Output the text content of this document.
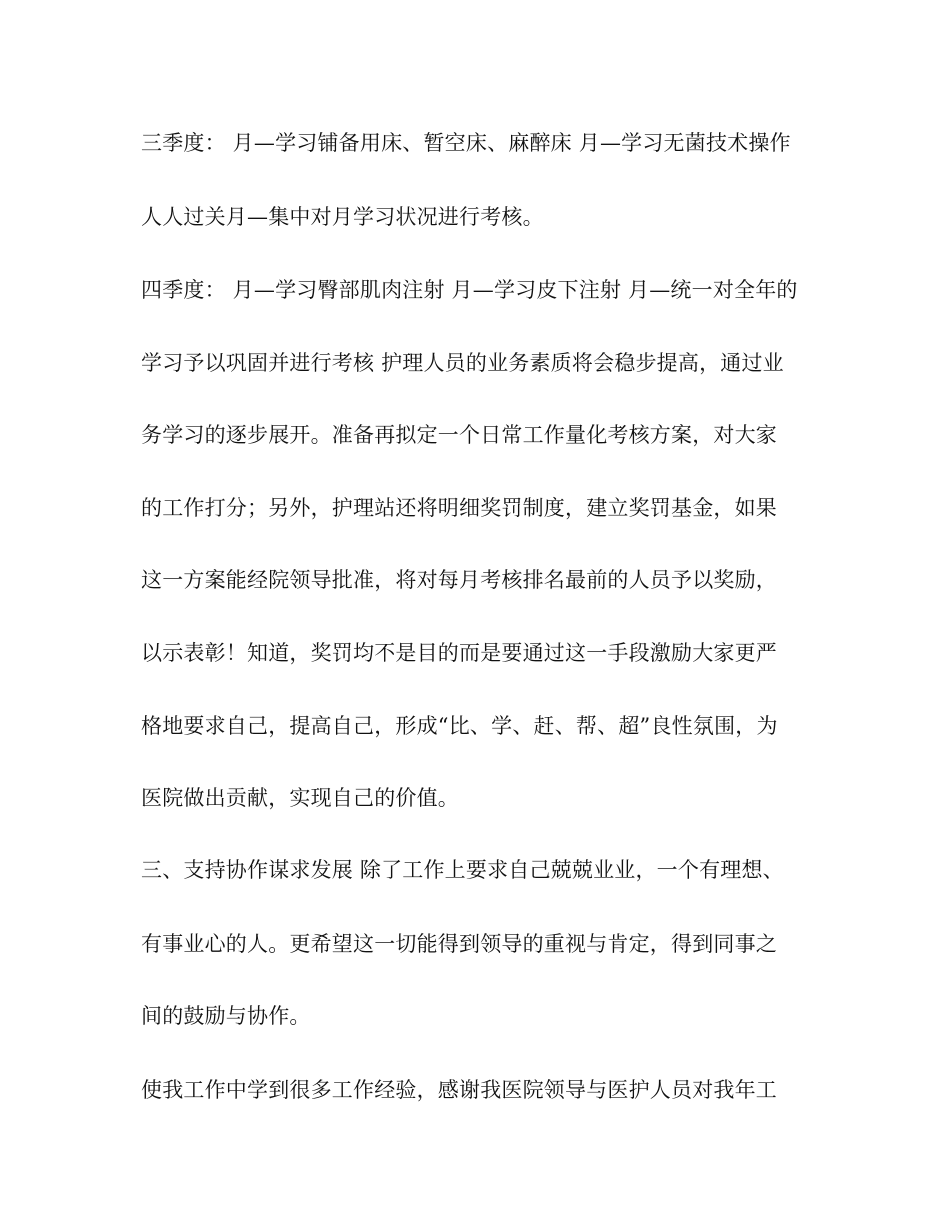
三季度： 月—学习铺备用床、暂空床、麻醉床 月—学习无菌技术操作

人人过关月—集中对月学习状况进行考核。

四季度： 月—学习臀部肌肉注射 月—学习皮下注射 月—统一对全年的

学习予以巩固并进行考核 护理人员的业务素质将会稳步提高，通过业

务学习的逐步展开。准备再拟定一个日常工作量化考核方案，对大家

的工作打分；另外，护理站还将明细奖罚制度，建立奖罚基金，如果

这一方案能经院领导批准，将对每月考核排名最前的人员予以奖励，

以示表彰！知道，奖罚均不是目的而是要通过这一手段激励大家更严

格地要求自己，提高自己，形成“比、学、赶、帮、超”良性氛围，为

医院做出贡献，实现自己的价值。

三、支持协作谋求发展 除了工作上要求自己兢兢业业，一个有理想、

有事业心的人。更希望这一切能得到领导的重视与肯定，得到同事之

间的鼓励与协作。

使我工作中学到很多工作经验，感谢我医院领导与医护人员对我年工
